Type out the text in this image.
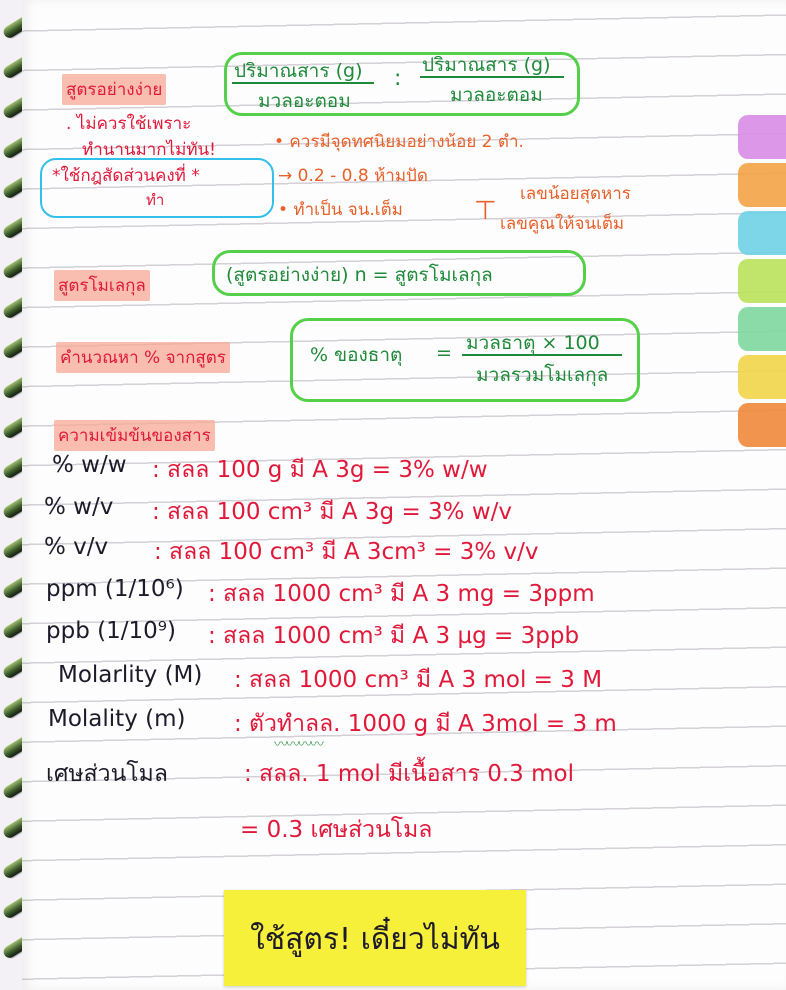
สูตรอย่างง่าย
ปริมาณสาร (g)
มวลอะตอม
:
ปริมาณสาร (g)
มวลอะตอม
. ไม่ควรใช้เพราะ
ทำนานมากไม่ทัน!
*ใช้กฎสัดส่วนคงที่ *
ทำ
• ควรมีจุดทศนิยมอย่างน้อย 2 ตำ.
→ 0.2 - 0.8 ห้ามปัด
• ทำเป็น จน.เต็ม	⊤
เลขน้อยสุดหาร
เลขคูณให้จนเต็ม
สูตรโมเลกุล	(สูตรอย่างง่าย) n = สูตรโมเลกุล
คำนวณหา % จากสูตร	% ของธาตุ = มวลธาตุ × 100
มวลรวมโมเลกุล
ความเข้มข้นของสาร
% w/w : สลล 100 g มี A 3g = 3% w/w
% w/v : สลล 100 cm³ มี A 3g = 3% w/v
% v/v : สลล 100 cm³ มี A 3cm³ = 3% v/v
ppm (1/10⁶) : สลล 1000 cm³ มี A 3 mg = 3ppm
ppb (1/10⁹) : สลล 1000 cm³ มี A 3 µg = 3ppb
Molarlity (M) : สลล 1000 cm³ มี A 3 mol = 3 M
Molality (m) : ตัวทำลล. 1000 g มี A 3mol = 3 m
เศษส่วนโมล	: สลล. 1 mol มีเนื้อสาร 0.3 mol
〰〰〰〰
= 0.3 เศษส่วนโมล
ใช้สูตร! เดี๋ยวไม่ทัน
